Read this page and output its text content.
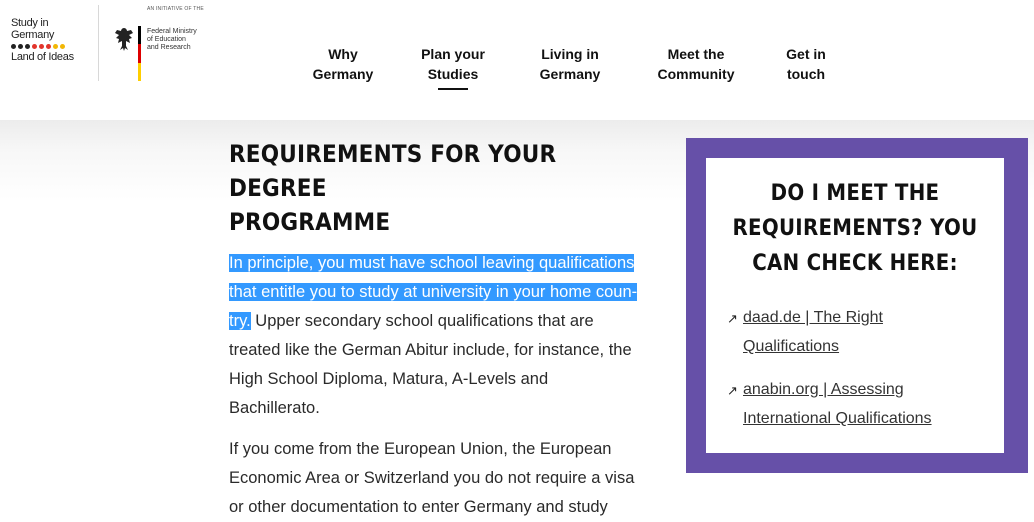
Study in
Germany
Land of Ideas
AN INITIATIVE OF THE
Federal Ministry
of Education
and Research	Why
Germany
Plan your
Studies
Living in
Germany
Meet the
Community
Get in
touch
REQUIREMENTS FOR YOUR DEGREE
PROGRAMME
In principle, you must have school leaving qualifications
that entitle you to study at university in your home coun-
try. Upper secondary school qualifications that are
treated like the German Abitur include, for instance, the
High School Diploma, Matura, A-Levels and
Bachillerato.
If you come from the European Union, the European
Economic Area or Switzerland you do not require a visa
or other documentation to enter Germany and study
DO I MEET THE
REQUIREMENTS? YOU
CAN CHECK HERE:
↗ daad.de | The Right
Qualifications
↗ anabin.org | Assessing
International Qualifications
